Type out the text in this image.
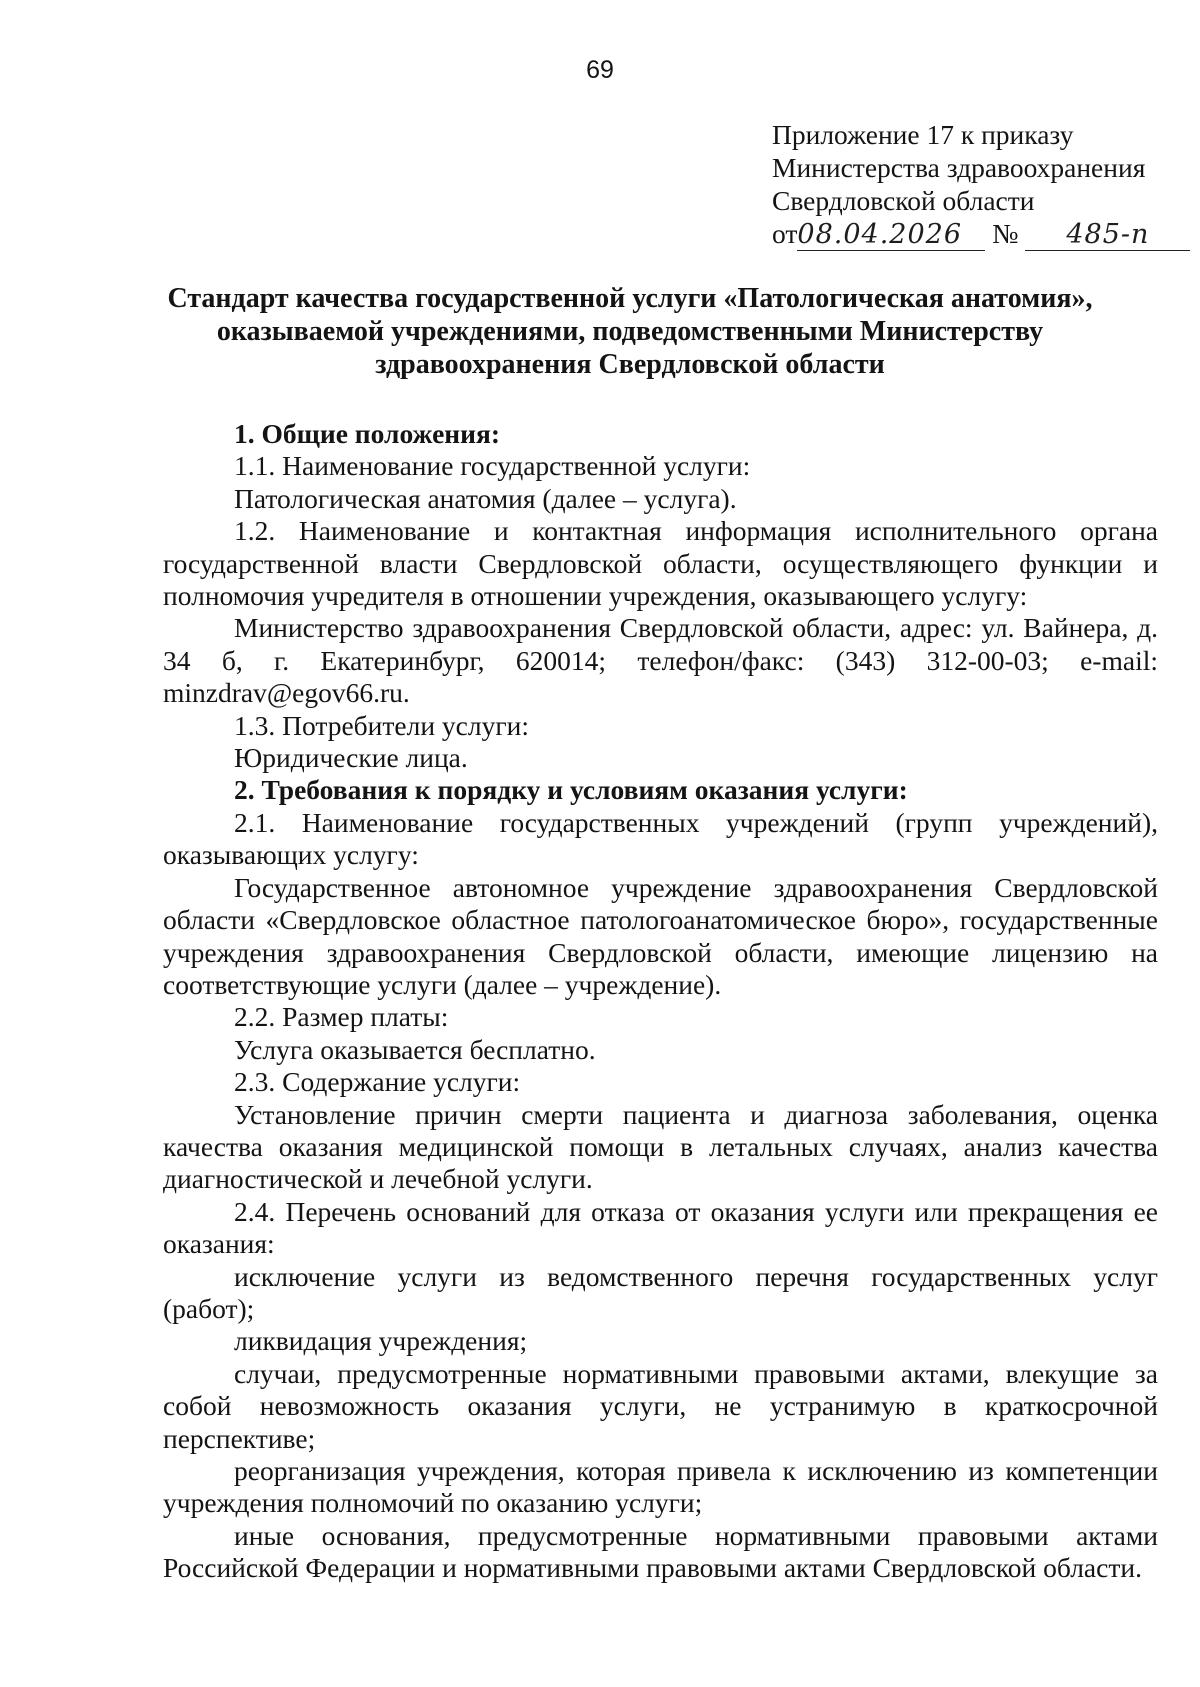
69
Приложение 17 к приказу
Министерства здравоохранения
Свердловской области
от08.04.2026 № 485-п
Стандарт качества государственной услуги «Патологическая анатомия»,
оказываемой учреждениями, подведомственными Министерству
здравоохранения Свердловской области

1. Общие положения:

1.1. Наименование государственной услуги:

Патологическая анатомия (далее – услуга).

1.2. Наименование и контактная информация исполнительного органа государственной власти Свердловской области, осуществляющего функции и полномочия учредителя в отношении учреждения, оказывающего услугу:

Министерство здравоохранения Свердловской области, адрес: ул. Вайнера, д. 34 б, г. Екатеринбург, 620014; телефон/факс: (343) 312-00-03; e-mail: minzdrav@egov66.ru.

1.3. Потребители услуги:

Юридические лица.

2. Требования к порядку и условиям оказания услуги:

2.1. Наименование государственных учреждений (групп учреждений), оказывающих услугу:

Государственное автономное учреждение здравоохранения Свердловской области «Свердловское областное патологоанатомическое бюро», государственные учреждения здравоохранения Свердловской области, имеющие лицензию на соответствующие услуги (далее – учреждение).

2.2. Размер платы:

Услуга оказывается бесплатно.

2.3. Содержание услуги:

Установление причин смерти пациента и диагноза заболевания, оценка качества оказания медицинской помощи в летальных случаях, анализ качества диагностической и лечебной услуги.

2.4. Перечень оснований для отказа от оказания услуги или прекращения ее оказания:

исключение услуги из ведомственного перечня государственных услуг (работ);

ликвидация учреждения;

случаи, предусмотренные нормативными правовыми актами, влекущие за собой невозможность оказания услуги, не устранимую в краткосрочной перспективе;

реорганизация учреждения, которая привела к исключению из компетенции учреждения полномочий по оказанию услуги;

иные основания, предусмотренные нормативными правовыми актами Российской Федерации и нормативными правовыми актами Свердловской области.
